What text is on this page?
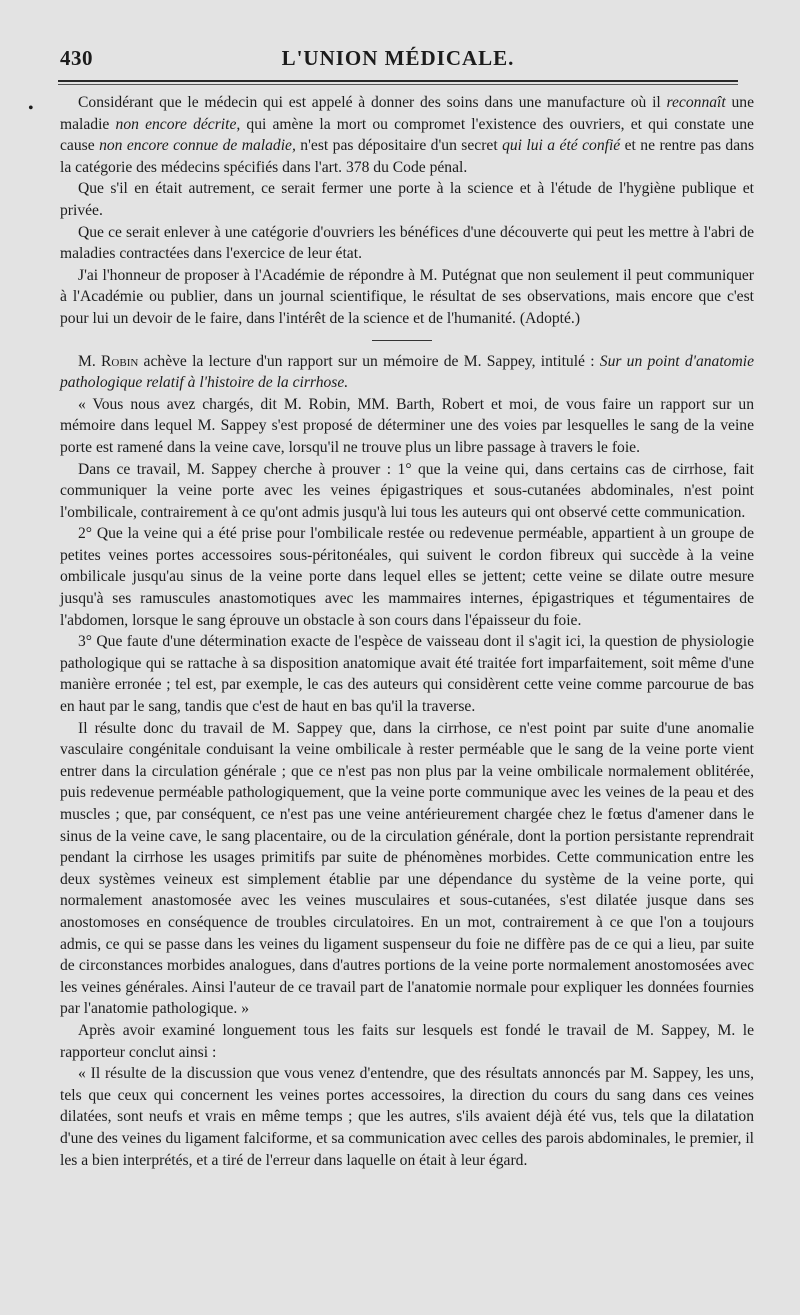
430	L'UNION MÉDICALE.
•	Considérant que le médecin qui est appelé à donner des soins dans une manufacture où il reconnaît une maladie non encore décrite, qui amène la mort ou compromet l'existence des ouvriers, et qui constate une cause non encore connue de maladie, n'est pas dépositaire d'un secret qui lui a été confié et ne rentre pas dans la catégorie des médecins spécifiés dans l'art. 378 du Code pénal.

Que s'il en était autrement, ce serait fermer une porte à la science et à l'étude de l'hygiène publique et privée.

Que ce serait enlever à une catégorie d'ouvriers les bénéfices d'une découverte qui peut les mettre à l'abri de maladies contractées dans l'exercice de leur état.

J'ai l'honneur de proposer à l'Académie de répondre à M. Putégnat que non seulement il peut communiquer à l'Académie ou publier, dans un journal scientifique, le résultat de ses observations, mais encore que c'est pour lui un devoir de le faire, dans l'intérêt de la science et de l'humanité. (Adopté.)

M. Robin achève la lecture d'un rapport sur un mémoire de M. Sappey, intitulé : Sur un point d'anatomie pathologique relatif à l'histoire de la cirrhose.

« Vous nous avez chargés, dit M. Robin, MM. Barth, Robert et moi, de vous faire un rapport sur un mémoire dans lequel M. Sappey s'est proposé de déterminer une des voies par lesquelles le sang de la veine porte est ramené dans la veine cave, lorsqu'il ne trouve plus un libre passage à travers le foie.

Dans ce travail, M. Sappey cherche à prouver : 1° que la veine qui, dans certains cas de cirrhose, fait communiquer la veine porte avec les veines épigastriques et sous-cutanées abdominales, n'est point l'ombilicale, contrairement à ce qu'ont admis jusqu'à lui tous les auteurs qui ont observé cette communication.

2° Que la veine qui a été prise pour l'ombilicale restée ou redevenue perméable, appartient à un groupe de petites veines portes accessoires sous-péritonéales, qui suivent le cordon fibreux qui succède à la veine ombilicale jusqu'au sinus de la veine porte dans lequel elles se jettent; cette veine se dilate outre mesure jusqu'à ses ramuscules anastomotiques avec les mammaires internes, épigastriques et tégumentaires de l'abdomen, lorsque le sang éprouve un obstacle à son cours dans l'épaisseur du foie.

3° Que faute d'une détermination exacte de l'espèce de vaisseau dont il s'agit ici, la question de physiologie pathologique qui se rattache à sa disposition anatomique avait été traitée fort imparfaitement, soit même d'une manière erronée ; tel est, par exemple, le cas des auteurs qui considèrent cette veine comme parcourue de bas en haut par le sang, tandis que c'est de haut en bas qu'il la traverse.

Il résulte donc du travail de M. Sappey que, dans la cirrhose, ce n'est point par suite d'une anomalie vasculaire congénitale conduisant la veine ombilicale à rester perméable que le sang de la veine porte vient entrer dans la circulation générale ; que ce n'est pas non plus par la veine ombilicale normalement oblitérée, puis redevenue perméable pathologiquement, que la veine porte communique avec les veines de la peau et des muscles ; que, par conséquent, ce n'est pas une veine antérieurement chargée chez le fœtus d'amener dans le sinus de la veine cave, le sang placentaire, ou de la circulation générale, dont la portion persistante reprendrait pendant la cirrhose les usages primitifs par suite de phénomènes morbides. Cette communication entre les deux systèmes veineux est simplement établie par une dépendance du système de la veine porte, qui normalement anastomosée avec les veines musculaires et sous-cutanées, s'est dilatée jusque dans ses anostomoses en conséquence de troubles circulatoires. En un mot, contrairement à ce que l'on a toujours admis, ce qui se passe dans les veines du ligament suspenseur du foie ne diffère pas de ce qui a lieu, par suite de circonstances morbides analogues, dans d'autres portions de la veine porte normalement anostomosées avec les veines générales. Ainsi l'auteur de ce travail part de l'anatomie normale pour expliquer les données fournies par l'anatomie pathologique. »

Après avoir examiné longuement tous les faits sur lesquels est fondé le travail de M. Sappey, M. le rapporteur conclut ainsi :

« Il résulte de la discussion que vous venez d'entendre, que des résultats annoncés par M. Sappey, les uns, tels que ceux qui concernent les veines portes accessoires, la direction du cours du sang dans ces veines dilatées, sont neufs et vrais en même temps ; que les autres, s'ils avaient déjà été vus, tels que la dilatation d'une des veines du ligament falciforme, et sa communication avec celles des parois abdominales, le premier, il les a bien interprétés, et a tiré de l'erreur dans laquelle on était à leur égard.
